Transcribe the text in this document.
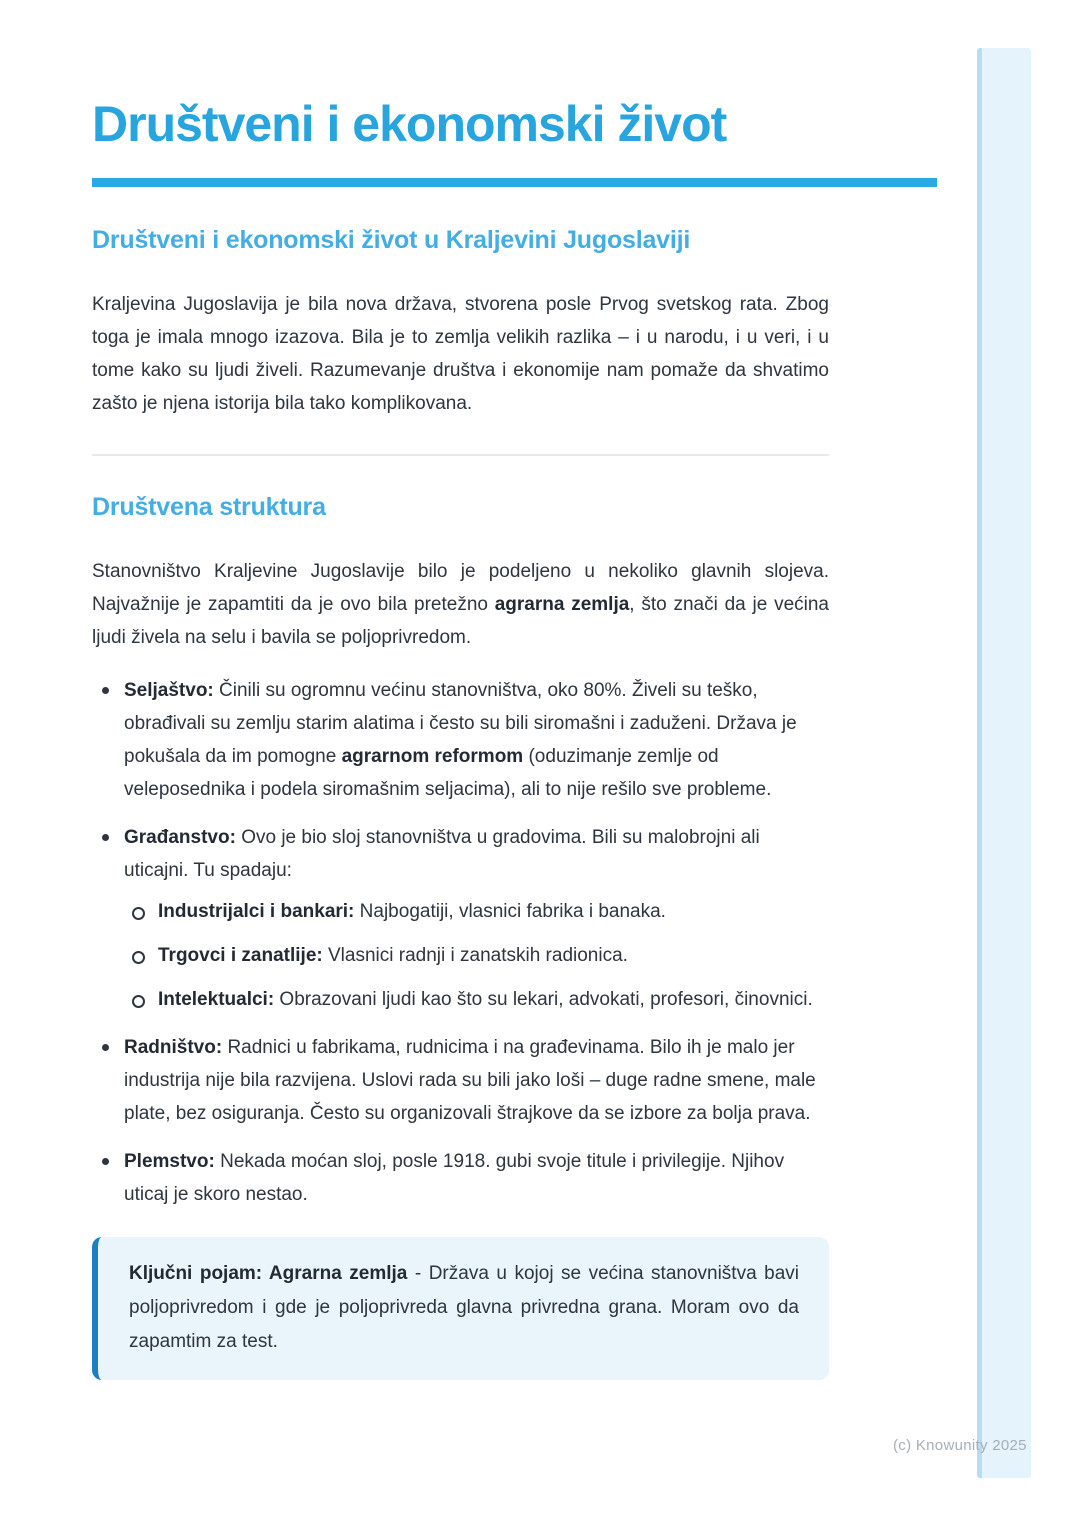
Društveni i ekonomski život
Društveni i ekonomski život u Kraljevini Jugoslaviji

Kraljevina Jugoslavija je bila nova država, stvorena posle Prvog svetskog rata. Zbog toga je imala mnogo izazova. Bila je to zemlja velikih razlika – i u narodu, i u veri, i u tome kako su ljudi živeli. Razumevanje društva i ekonomije nam pomaže da shvatimo zašto je njena istorija bila tako komplikovana.

Društvena struktura

Stanovništvo Kraljevine Jugoslavije bilo je podeljeno u nekoliko glavnih slojeva. Najvažnije je zapamtiti da je ovo bila pretežno agrarna zemlja, što znači da je većina ljudi živela na selu i bavila se poljoprivredom.

Seljaštvo: Činili su ogromnu većinu stanovništva, oko 80%. Živeli su teško, obrađivali su zemlju starim alatima i često su bili siromašni i zaduženi. Država je pokušala da im pomogne agrarnom reformom (oduzimanje zemlje od veleposednika i podela siromašnim seljacima), ali to nije rešilo sve probleme.
Građanstvo: Ovo je bio sloj stanovništva u gradovima. Bili su malobrojni ali uticajni. Tu spadaju:
Industrijalci i bankari: Najbogatiji, vlasnici fabrika i banaka.
Trgovci i zanatlije: Vlasnici radnji i zanatskih radionica.
Intelektualci: Obrazovani ljudi kao što su lekari, advokati, profesori, činovnici.
Radništvo: Radnici u fabrikama, rudnicima i na građevinama. Bilo ih je malo jer industrija nije bila razvijena. Uslovi rada su bili jako loši – duge radne smene, male plate, bez osiguranja. Često su organizovali štrajkove da se izbore za bolja prava.
Plemstvo: Nekada moćan sloj, posle 1918. gubi svoje titule i privilegije. Njihov uticaj je skoro nestao.

Ključni pojam: Agrarna zemlja - Država u kojoj se većina stanovništva bavi poljoprivredom i gde je poljoprivreda glavna privredna grana. Moram ovo da zapamtim za test.

(c) Knowunity 2025
